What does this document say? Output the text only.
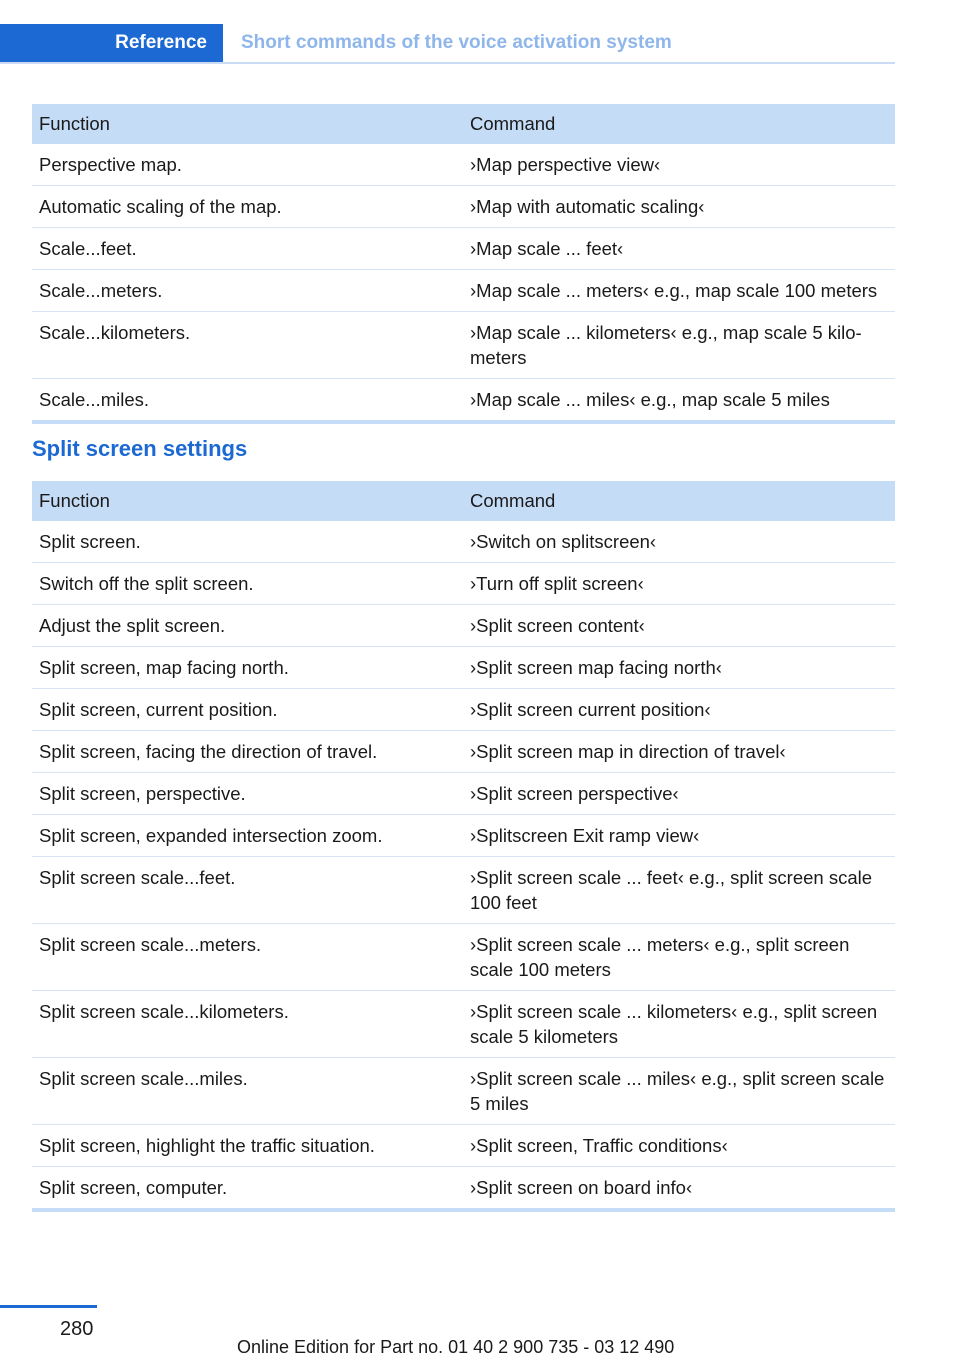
Reference	Short commands of the voice activation system
Function	Command
Perspective map.	›Map perspective view‹
Automatic scaling of the map.	›Map with automatic scaling‹
Scale...feet.	›Map scale ... feet‹
Scale...meters.	›Map scale ... meters‹ e.g., map scale 100 meters
Scale...kilometers.	›Map scale ... kilometers‹ e.g., map scale 5 kilo‐meters
Scale...miles.	›Map scale ... miles‹ e.g., map scale 5 miles
Split screen settings
Function	Command
Split screen.	›Switch on splitscreen‹
Switch off the split screen.	›Turn off split screen‹
Adjust the split screen.	›Split screen content‹
Split screen, map facing north.	›Split screen map facing north‹
Split screen, current position.	›Split screen current position‹
Split screen, facing the direction of travel.	›Split screen map in direction of travel‹
Split screen, perspective.	›Split screen perspective‹
Split screen, expanded intersection zoom.	›Splitscreen Exit ramp view‹
Split screen scale...feet.	›Split screen scale ... feet‹ e.g., split screen scale 100 feet
Split screen scale...meters.	›Split screen scale ... meters‹ e.g., split screen scale 100 meters
Split screen scale...kilometers.	›Split screen scale ... kilometers‹ e.g., split screen scale 5 kilometers
Split screen scale...miles.	›Split screen scale ... miles‹ e.g., split screen scale 5 miles
Split screen, highlight the traffic situation.	›Split screen, Traffic conditions‹
Split screen, computer.	›Split screen on board info‹
280
Online Edition for Part no. 01 40 2 900 735 - 03 12 490
